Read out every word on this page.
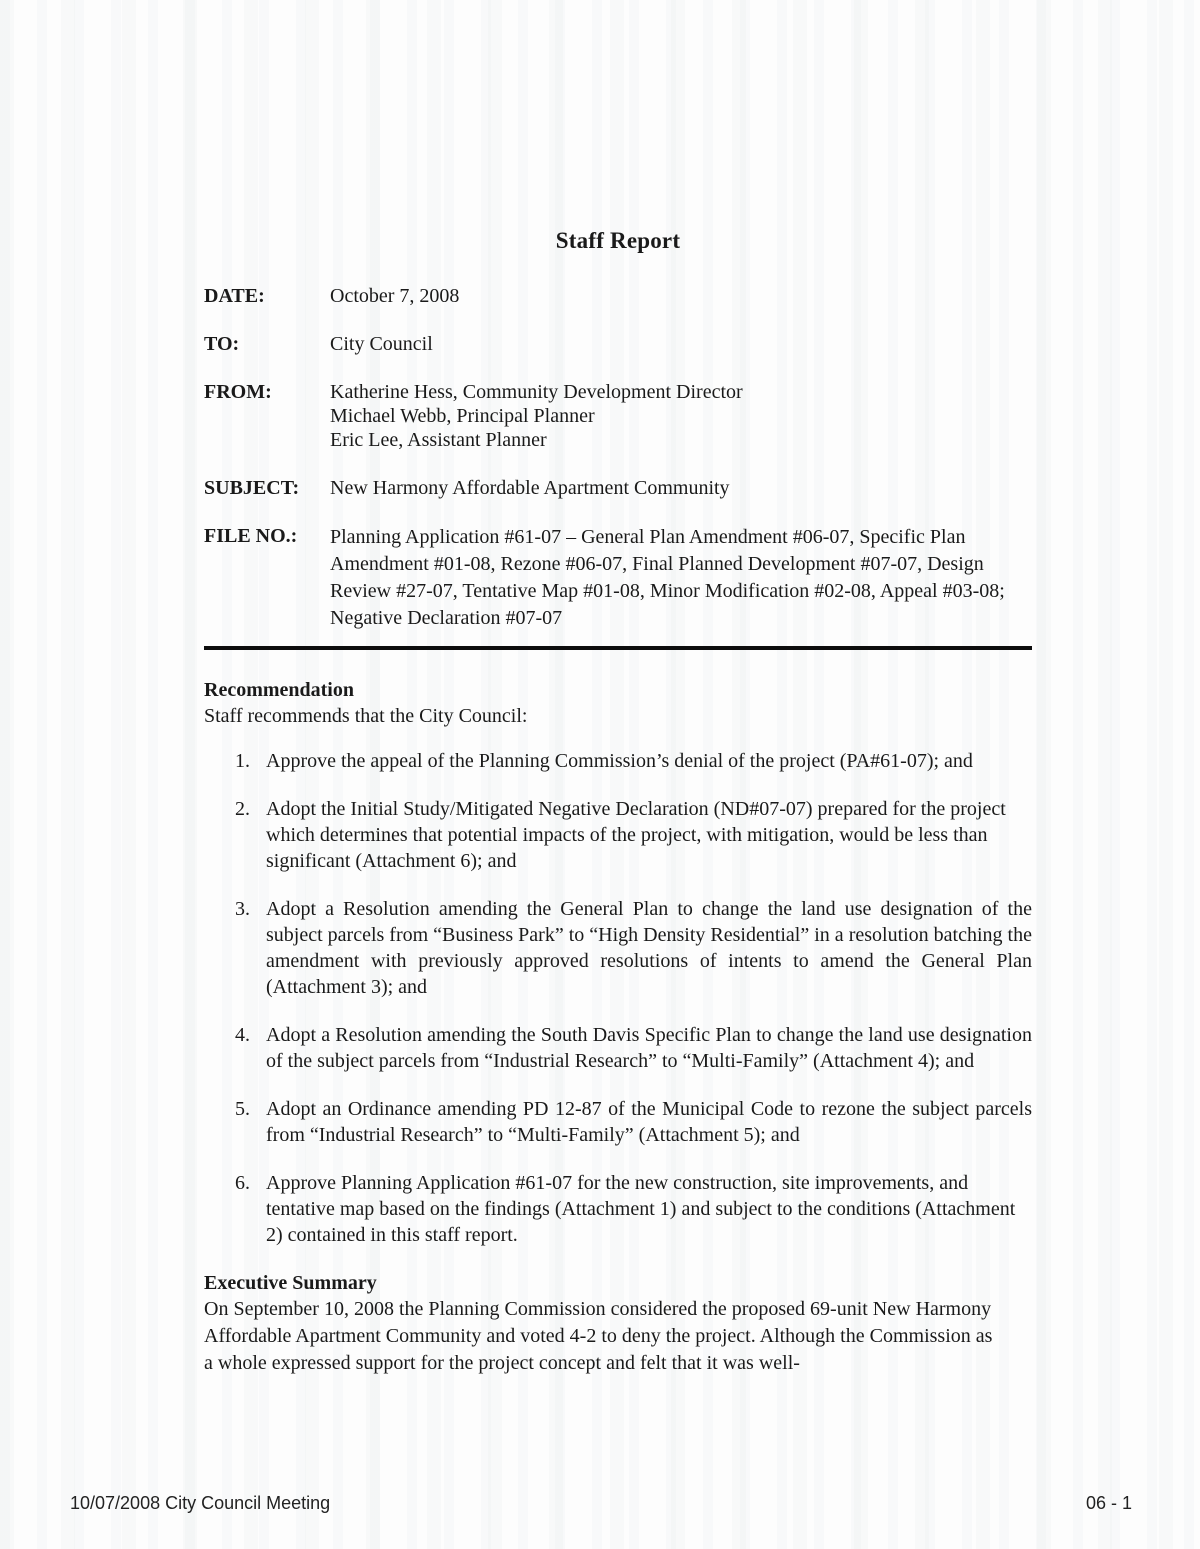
Staff Report
DATE:	October 7, 2008
TO:	City Council
FROM:	Katherine Hess, Community Development Director
Michael Webb, Principal Planner
Eric Lee, Assistant Planner
SUBJECT:	New Harmony Affordable Apartment Community
FILE NO.:	Planning Application #61-07 – General Plan Amendment #06-07, Specific Plan Amendment #01-08, Rezone #06-07, Final Planned Development #07-07, Design Review #27-07, Tentative Map #01-08, Minor Modification #02-08, Appeal #03-08; Negative Declaration #07-07
Recommendation
Staff recommends that the City Council:
1. Approve the appeal of the Planning Commission’s denial of the project (PA#61-07); and
2. Adopt the Initial Study/Mitigated Negative Declaration (ND#07-07) prepared for the project which determines that potential impacts of the project, with mitigation, would be less than significant (Attachment 6); and
3. Adopt a Resolution amending the General Plan to change the land use designation of the subject parcels from “Business Park” to “High Density Residential” in a resolution batching the amendment with previously approved resolutions of intents to amend the General Plan (Attachment 3); and
4. Adopt a Resolution amending the South Davis Specific Plan to change the land use designation of the subject parcels from “Industrial Research” to “Multi-Family” (Attachment 4); and
5. Adopt an Ordinance amending PD 12-87 of the Municipal Code to rezone the subject parcels from “Industrial Research” to “Multi-Family” (Attachment 5); and
6. Approve Planning Application #61-07 for the new construction, site improvements, and tentative map based on the findings (Attachment 1) and subject to the conditions (Attachment 2) contained in this staff report.
Executive Summary
On September 10, 2008 the Planning Commission considered the proposed 69-unit New Harmony Affordable Apartment Community and voted 4-2 to deny the project. Although the Commission as a whole expressed support for the project concept and felt that it was well-
10/07/2008 City Council Meeting	06 - 1
